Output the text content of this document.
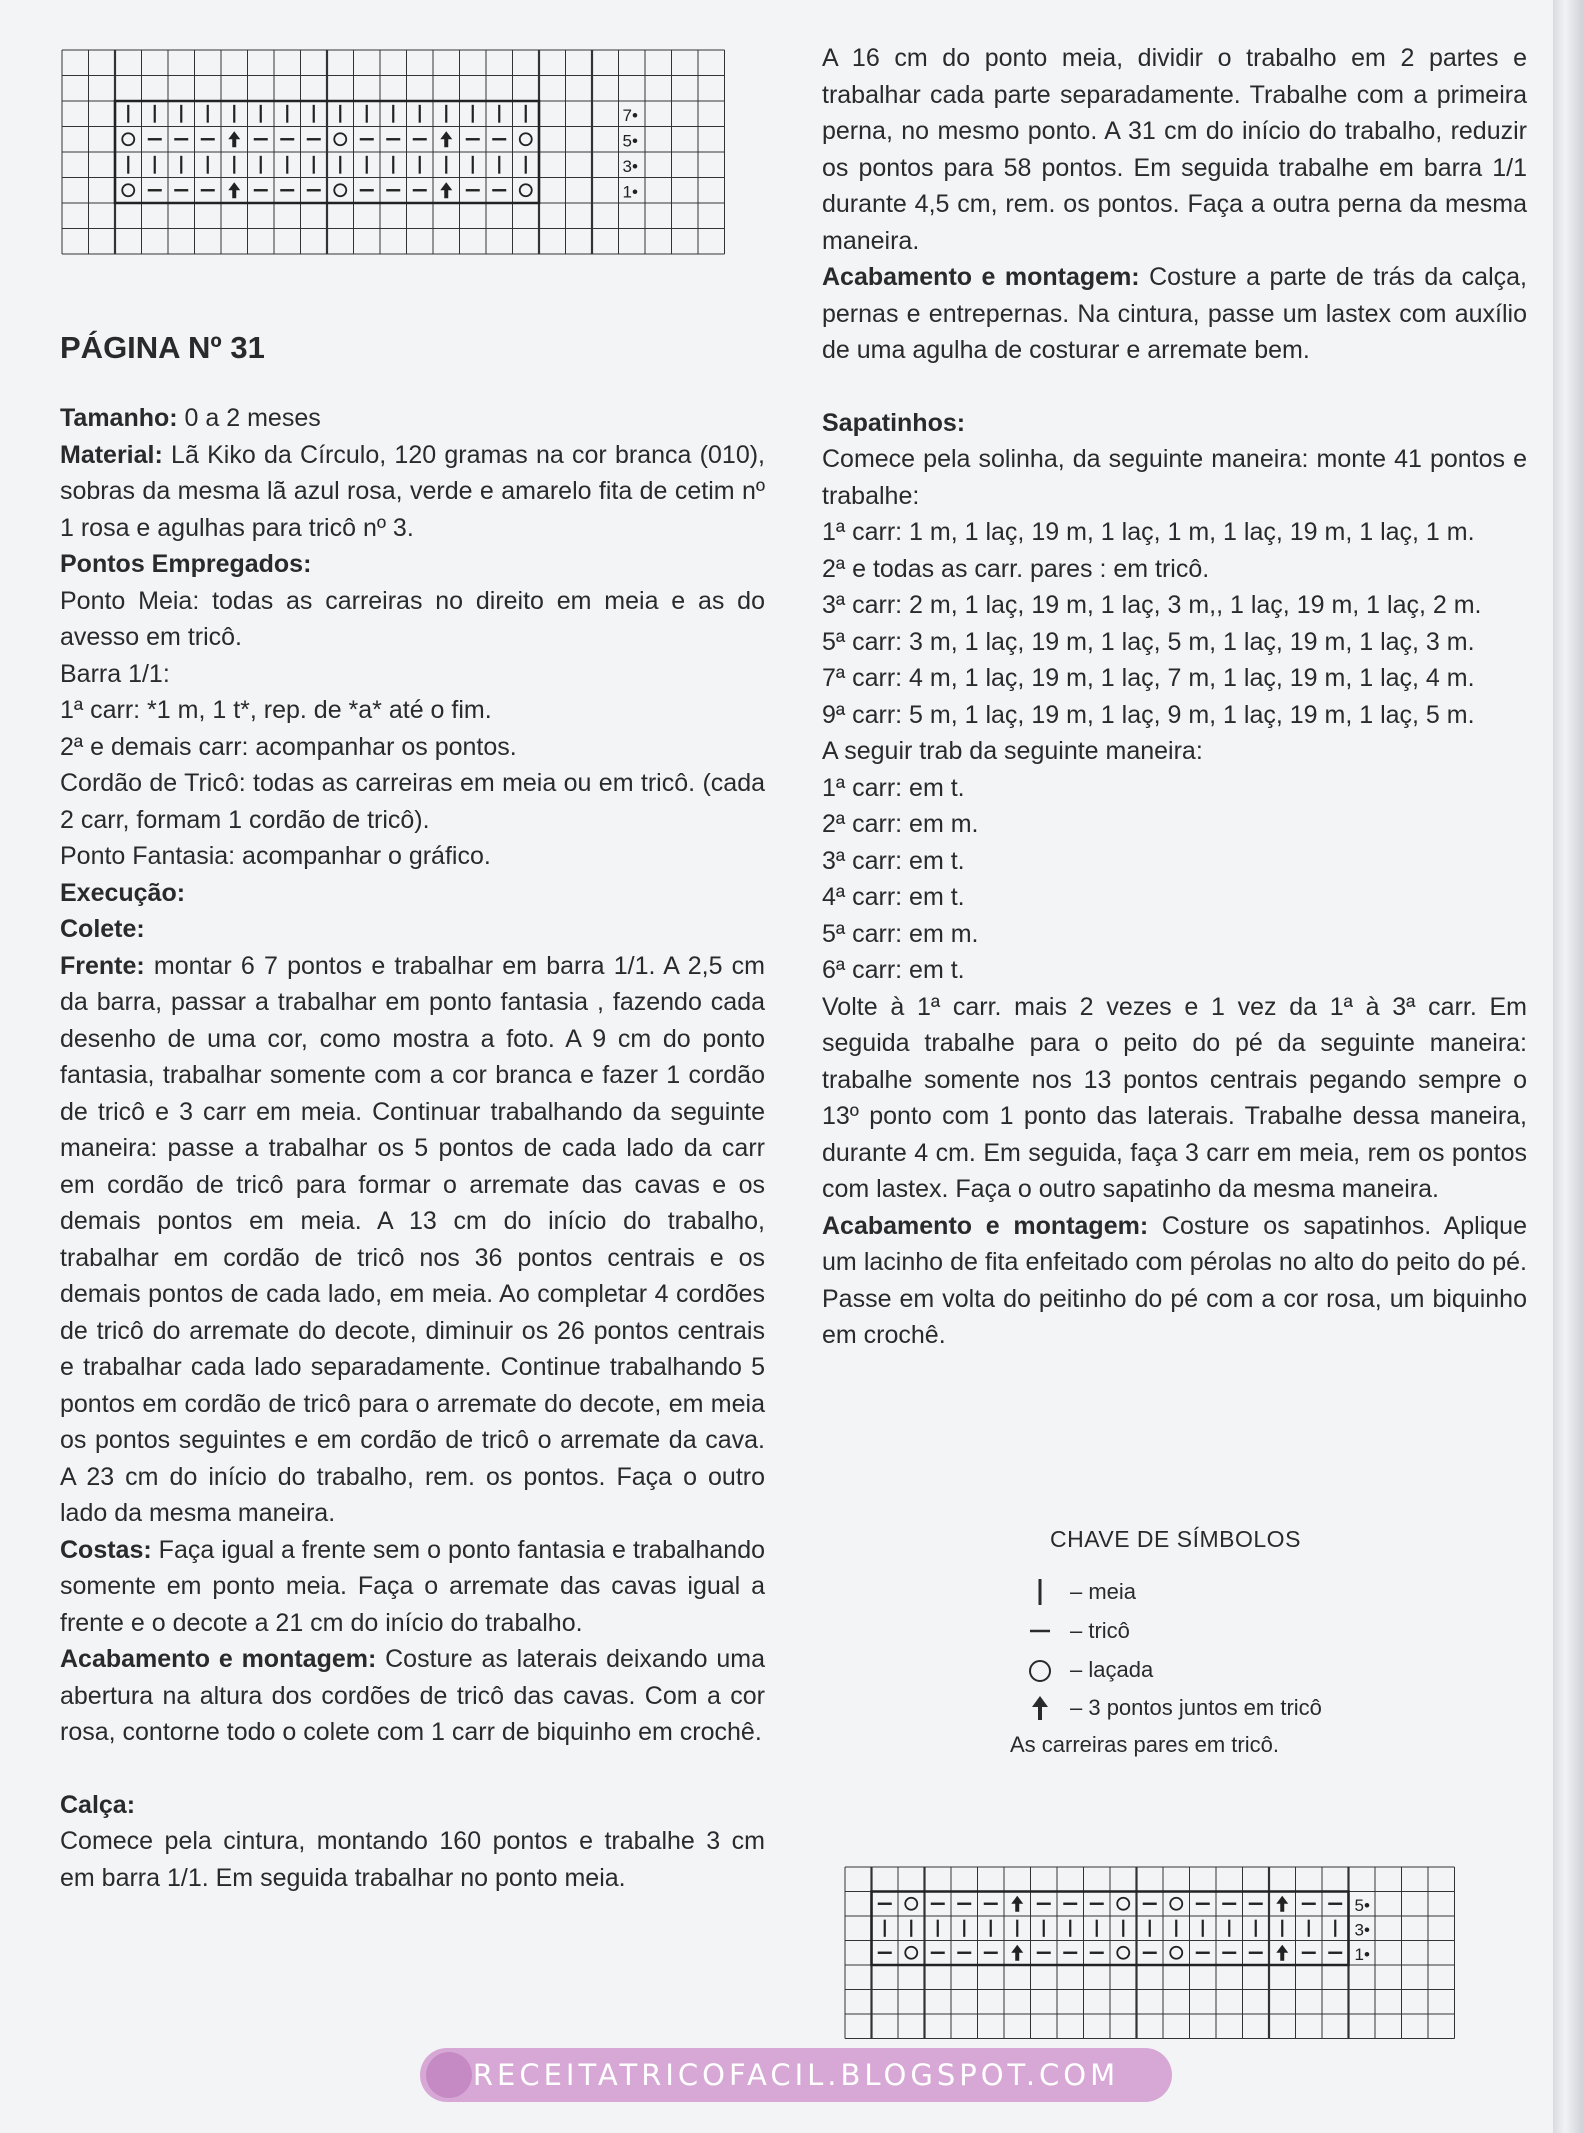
7•
5•
3•
1•
PÁGINA Nº 31

Tamanho: 0 a 2 meses

Material: Lã Kiko da Círculo, 120 gramas na cor branca (010), sobras da mesma lã azul rosa, verde e amarelo fita de cetim nº 1 rosa e agulhas para tricô nº 3.

Pontos Empregados:

Ponto Meia: todas as carreiras no direito em meia e as do avesso em tricô.

Barra 1/1:

1ª carr: *1 m, 1 t*, rep. de *a* até o fim.

2ª e demais carr: acompanhar os pontos.

Cordão de Tricô: todas as carreiras em meia ou em tricô. (cada 2 carr, formam 1 cordão de tricô).

Ponto Fantasia: acompanhar o gráfico.

Execução:

Colete:

Frente: montar 6 7 pontos e trabalhar em barra 1/1. A 2,5 cm da barra, passar a trabalhar em ponto fantasia , fazendo cada desenho de uma cor, como mostra a foto. A 9 cm do ponto fantasia, trabalhar somente com a cor branca e fazer 1 cordão de tricô e 3 carr em meia. Continuar trabalhando da seguinte maneira: passe a trabalhar os 5 pontos de cada lado da carr em cordão de tricô para formar o arremate das cavas e os demais pontos em meia. A 13 cm do início do trabalho, trabalhar em cordão de tricô nos 36 pontos centrais e os demais pontos de cada lado, em meia. Ao completar 4 cordões de tricô do arremate do decote, diminuir os 26 pontos centrais e trabalhar cada lado separadamente. Continue trabalhando 5 pontos em cordão de tricô para o arremate do decote, em meia os pontos seguintes e em cordão de tricô o arremate da cava. A 23 cm do início do trabalho, rem. os pontos. Faça o outro lado da mesma maneira.

Costas: Faça igual a frente sem o ponto fantasia e trabalhando somente em ponto meia. Faça o arremate das cavas igual a frente e o decote a 21 cm do início do trabalho.

Acabamento e montagem: Costure as laterais deixando uma abertura na altura dos cordões de tricô das cavas. Com a cor rosa, contorne todo o colete com 1 carr de biquinho em crochê.

Calça:

Comece pela cintura, montando 160 pontos e trabalhe 3 cm em barra 1/1. Em seguida trabalhar no ponto meia.

A 16 cm do ponto meia, dividir o trabalho em 2 partes e trabalhar cada parte separadamente. Trabalhe com a primeira perna, no mesmo ponto. A 31 cm do início do trabalho, reduzir os pontos para 58 pontos. Em seguida trabalhe em barra 1/1 durante 4,5 cm, rem. os pontos. Faça a outra perna da mesma maneira.

Acabamento e montagem: Costure a parte de trás da calça, pernas e entrepernas. Na cintura, passe um lastex com auxílio de uma agulha de costurar e arremate bem.

Sapatinhos:

Comece pela solinha, da seguinte maneira: monte 41 pontos e trabalhe:

1ª carr: 1 m, 1 laç, 19 m, 1 laç, 1 m, 1 laç, 19 m, 1 laç, 1 m.

2ª e todas as carr. pares : em tricô.

3ª carr: 2 m, 1 laç, 19 m, 1 laç, 3 m,, 1 laç, 19 m, 1 laç, 2 m.

5ª carr: 3 m, 1 laç, 19 m, 1 laç, 5 m, 1 laç, 19 m, 1 laç, 3 m.

7ª carr: 4 m, 1 laç, 19 m, 1 laç, 7 m, 1 laç, 19 m, 1 laç, 4 m.

9ª carr: 5 m, 1 laç, 19 m, 1 laç, 9 m, 1 laç, 19 m, 1 laç, 5 m.

A seguir trab da seguinte maneira:

1ª carr: em t.

2ª carr: em m.

3ª carr: em t.

4ª carr: em t.

5ª carr: em m.

6ª carr: em t.

Volte à 1ª carr. mais 2 vezes e 1 vez da 1ª à 3ª carr. Em seguida trabalhe para o peito do pé da seguinte maneira: trabalhe somente nos 13 pontos centrais pegando sempre o 13º ponto com 1 ponto das laterais. Trabalhe dessa maneira, durante 4 cm. Em seguida, faça 3 carr em meia, rem os pontos com lastex. Faça o outro sapatinho da mesma maneira.

Acabamento e montagem: Costure os sapatinhos. Aplique um lacinho de fita enfeitado com pérolas no alto do peito do pé. Passe em volta do peitinho do pé com a cor rosa, um biquinho em crochê.

CHAVE DE SÍMBOLOS
– meia
– tricô
– laçada
– 3 pontos juntos em tricô
As carreiras pares em tricô.
5•
3•
1•
RECEITATRICOFACIL.BLOGSPOT.COM
